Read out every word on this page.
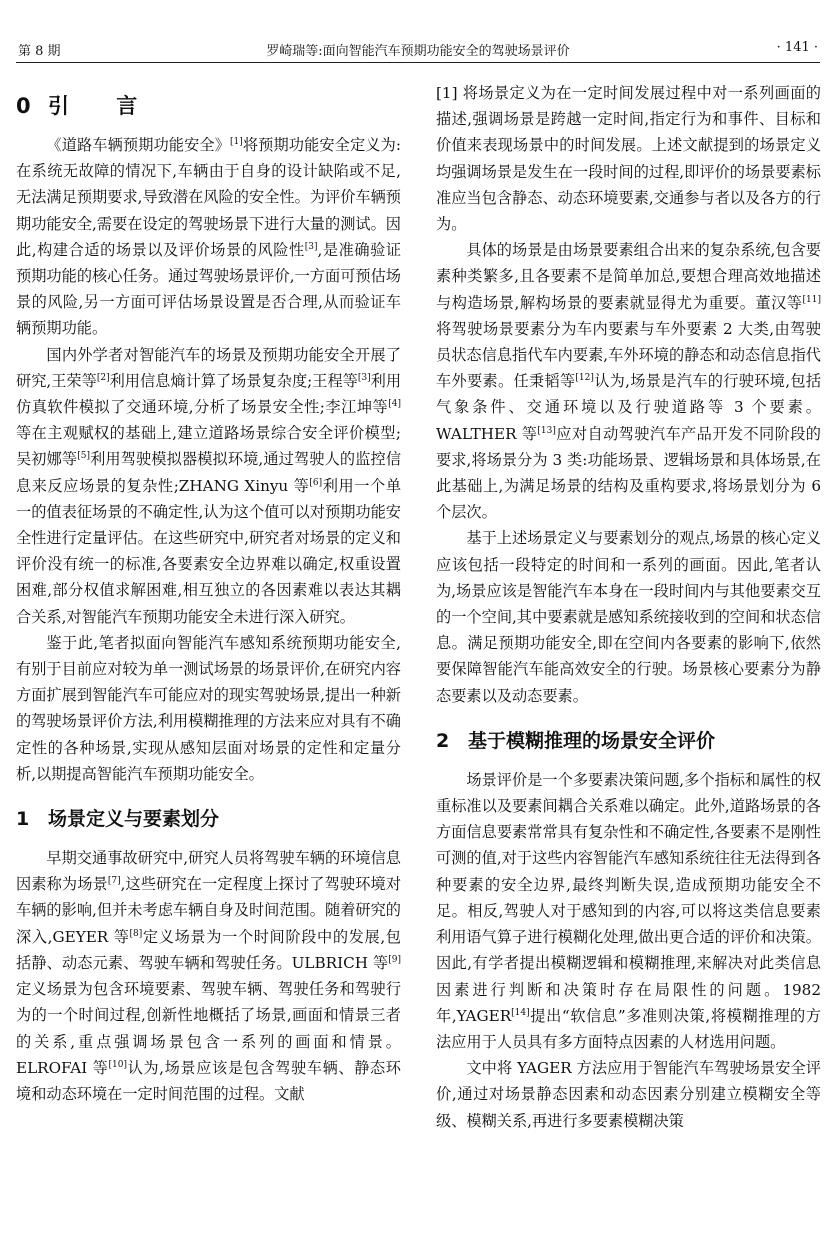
第 8 期	罗崎瑞等:面向智能汽车预期功能安全的驾驶场景评价	· 141 ·
0 引 言

《道路车辆预期功能安全》[1]将预期功能安全定义为:在系统无故障的情况下,车辆由于自身的设计缺陷或不足,无法满足预期要求,导致潜在风险的安全性。为评价车辆预期功能安全,需要在设定的驾驶场景下进行大量的测试。因此,构建合适的场景以及评价场景的风险性[3],是准确验证预期功能的核心任务。通过驾驶场景评价,一方面可预估场景的风险,另一方面可评估场景设置是否合理,从而验证车辆预期功能。

国内外学者对智能汽车的场景及预期功能安全开展了研究,王荣等[2]利用信息熵计算了场景复杂度;王程等[3]利用仿真软件模拟了交通环境,分析了场景安全性;李江坤等[4]等在主观赋权的基础上,建立道路场景综合安全评价模型;吴初娜等[5]利用驾驶模拟器模拟环境,通过驾驶人的监控信息来反应场景的复杂性;ZHANG Xinyu 等[6]利用一个单一的值表征场景的不确定性,认为这个值可以对预期功能安全性进行定量评估。在这些研究中,研究者对场景的定义和评价没有统一的标准,各要素安全边界难以确定,权重设置困难,部分权值求解困难,相互独立的各因素难以表达其耦合关系,对智能汽车预期功能安全未进行深入研究。

鉴于此,笔者拟面向智能汽车感知系统预期功能安全,有别于目前应对较为单一测试场景的场景评价,在研究内容方面扩展到智能汽车可能应对的现实驾驶场景,提出一种新的驾驶场景评价方法,利用模糊推理的方法来应对具有不确定性的各种场景,实现从感知层面对场景的定性和定量分析,以期提高智能汽车预期功能安全。

1 场景定义与要素划分

早期交通事故研究中,研究人员将驾驶车辆的环境信息因素称为场景[7],这些研究在一定程度上探讨了驾驶环境对车辆的影响,但并未考虑车辆自身及时间范围。随着研究的深入,GEYER 等[8]定义场景为一个时间阶段中的发展,包括静、动态元素、驾驶车辆和驾驶任务。ULBRICH 等[9]定义场景为包含环境要素、驾驶车辆、驾驶任务和驾驶行为的一个时间过程,创新性地概括了场景,画面和情景三者的关系,重点强调场景包含一系列的画面和情景。ELROFAI 等[10]认为,场景应该是包含驾驶车辆、静态环境和动态环境在一定时间范围的过程。文献

[1] 将场景定义为在一定时间发展过程中对一系列画面的描述,强调场景是跨越一定时间,指定行为和事件、目标和价值来表现场景中的时间发展。上述文献提到的场景定义均强调场景是发生在一段时间的过程,即评价的场景要素标准应当包含静态、动态环境要素,交通参与者以及各方的行为。

具体的场景是由场景要素组合出来的复杂系统,包含要素种类繁多,且各要素不是简单加总,要想合理高效地描述与构造场景,解构场景的要素就显得尤为重要。董汉等[11]将驾驶场景要素分为车内要素与车外要素 2 大类,由驾驶员状态信息指代车内要素,车外环境的静态和动态信息指代车外要素。任秉韬等[12]认为,场景是汽车的行驶环境,包括气象条件、交通环境以及行驶道路等 3 个要素。WALTHER 等[13]应对自动驾驶汽车产品开发不同阶段的要求,将场景分为 3 类:功能场景、逻辑场景和具体场景,在此基础上,为满足场景的结构及重构要求,将场景划分为 6 个层次。

基于上述场景定义与要素划分的观点,场景的核心定义应该包括一段特定的时间和一系列的画面。因此,笔者认为,场景应该是智能汽车本身在一段时间内与其他要素交互的一个空间,其中要素就是感知系统接收到的空间和状态信息。满足预期功能安全,即在空间内各要素的影响下,依然要保障智能汽车能高效安全的行驶。场景核心要素分为静态要素以及动态要素。

2 基于模糊推理的场景安全评价

场景评价是一个多要素决策问题,多个指标和属性的权重标准以及要素间耦合关系难以确定。此外,道路场景的各方面信息要素常常具有复杂性和不确定性,各要素不是刚性可测的值,对于这些内容智能汽车感知系统往往无法得到各种要素的安全边界,最终判断失误,造成预期功能安全不足。相反,驾驶人对于感知到的内容,可以将这类信息要素利用语气算子进行模糊化处理,做出更合适的评价和决策。因此,有学者提出模糊逻辑和模糊推理,来解决对此类信息因素进行判断和决策时存在局限性的问题。1982 年,YAGER[14]提出“软信息”多准则决策,将模糊推理的方法应用于人员具有多方面特点因素的人材选用问题。

文中将 YAGER 方法应用于智能汽车驾驶场景安全评价,通过对场景静态因素和动态因素分别建立模糊安全等级、模糊关系,再进行多要素模糊决策
